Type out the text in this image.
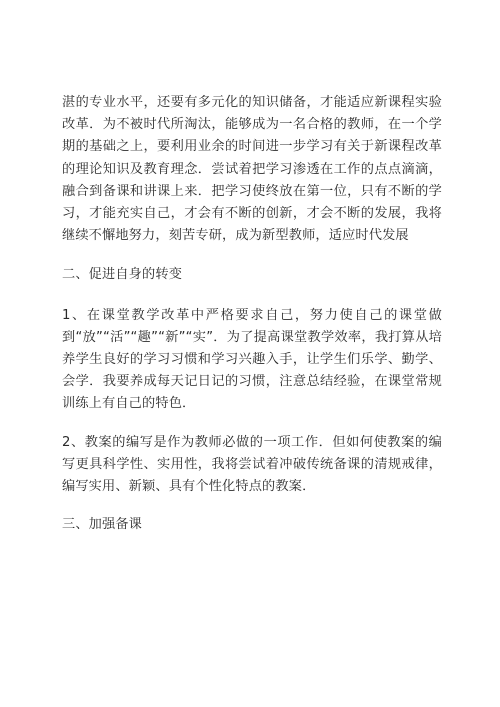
湛的专业水平，还要有多元化的知识储备，才能适应新课程实验改革．为不被时代所淘汰，能够成为一名合格的教师，在一个学期的基础之上，要利用业余的时间进一步学习有关于新课程改革的理论知识及教育理念．尝试着把学习渗透在工作的点点滴滴，融合到备课和讲课上来．把学习使终放在第一位，只有不断的学习，才能充实自己，才会有不断的创新，才会不断的发展，我将继续不懈地努力，刻苦专研，成为新型教师，适应时代发展

二、促进自身的转变

1、在课堂教学改革中严格要求自己，努力使自己的课堂做到“放”“活”“趣”“新”“实”．为了提高课堂教学效率，我打算从培养学生良好的学习习惯和学习兴趣入手，让学生们乐学、勤学、会学．我要养成每天记日记的习惯，注意总结经验，在课堂常规训练上有自己的特色．

2、教案的编写是作为教师必做的一项工作．但如何使教案的编写更具科学性、实用性，我将尝试着冲破传统备课的清规戒律，编写实用、新颖、具有个性化特点的教案．

三、加强备课
